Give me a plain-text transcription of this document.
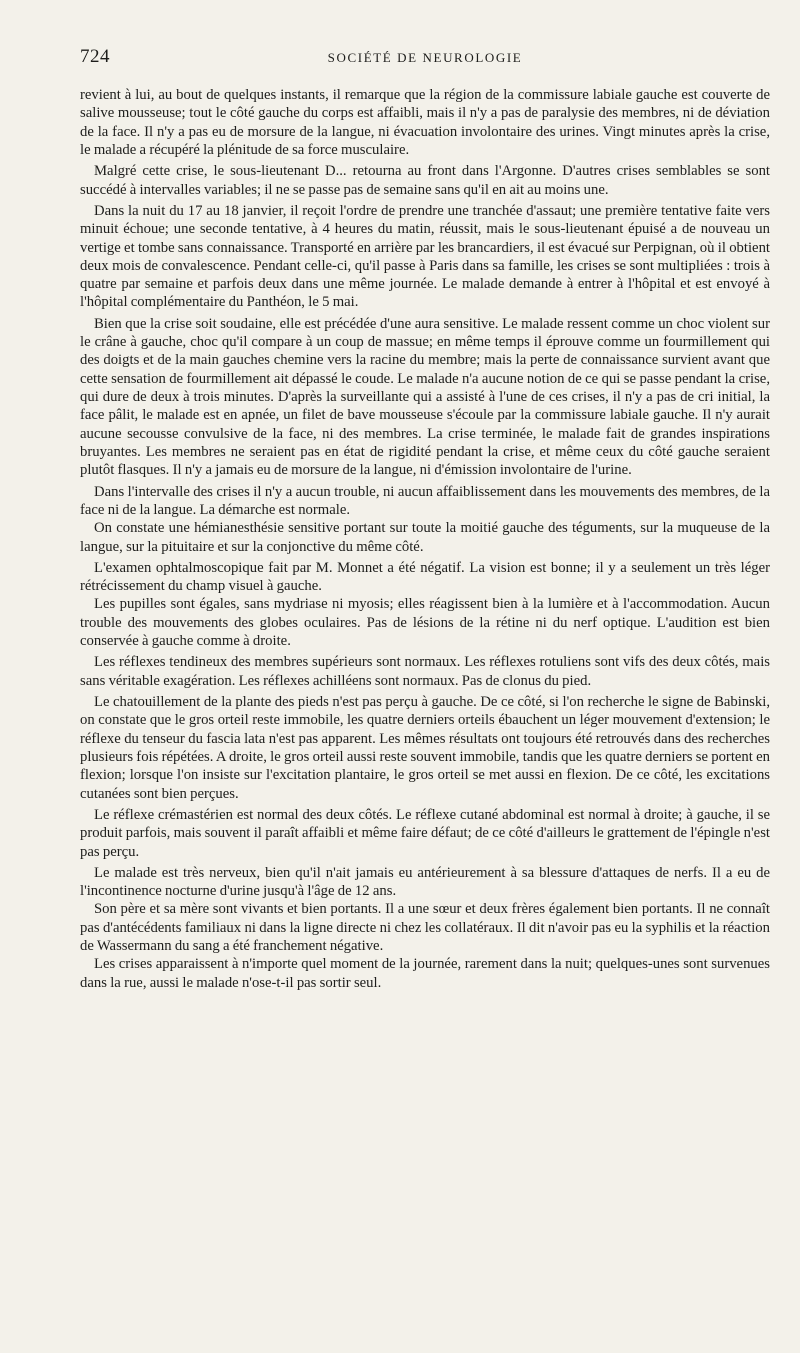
724	SOCIÉTÉ DE NEUROLOGIE

revient à lui, au bout de quelques instants, il remarque que la région de la commissure labiale gauche est couverte de salive mousseuse; tout le côté gauche du corps est affaibli, mais il n'y a pas de paralysie des membres, ni de déviation de la face. Il n'y a pas eu de morsure de la langue, ni évacuation involontaire des urines. Vingt minutes après la crise, le malade a récupéré la plénitude de sa force musculaire.

Malgré cette crise, le sous-lieutenant D... retourna au front dans l'Argonne. D'autres crises semblables se sont succédé à intervalles variables; il ne se passe pas de semaine sans qu'il en ait au moins une.

Dans la nuit du 17 au 18 janvier, il reçoit l'ordre de prendre une tranchée d'assaut; une première tentative faite vers minuit échoue; une seconde tentative, à 4 heures du matin, réussit, mais le sous-lieutenant épuisé a de nouveau un vertige et tombe sans connaissance. Transporté en arrière par les brancardiers, il est évacué sur Perpignan, où il obtient deux mois de convalescence. Pendant celle-ci, qu'il passe à Paris dans sa famille, les crises se sont multipliées : trois à quatre par semaine et parfois deux dans une même journée. Le malade demande à entrer à l'hôpital et est envoyé à l'hôpital complémentaire du Panthéon, le 5 mai.

Bien que la crise soit soudaine, elle est précédée d'une aura sensitive. Le malade ressent comme un choc violent sur le crâne à gauche, choc qu'il compare à un coup de massue; en même temps il éprouve comme un fourmillement qui des doigts et de la main gauches chemine vers la racine du membre; mais la perte de connaissance survient avant que cette sensation de fourmillement ait dépassé le coude. Le malade n'a aucune notion de ce qui se passe pendant la crise, qui dure de deux à trois minutes. D'après la surveillante qui a assisté à l'une de ces crises, il n'y a pas de cri initial, la face pâlit, le malade est en apnée, un filet de bave mousseuse s'écoule par la commissure labiale gauche. Il n'y aurait aucune secousse convulsive de la face, ni des membres. La crise terminée, le malade fait de grandes inspirations bruyantes. Les membres ne seraient pas en état de rigidité pendant la crise, et même ceux du côté gauche seraient plutôt flasques. Il n'y a jamais eu de morsure de la langue, ni d'émission involontaire de l'urine.

Dans l'intervalle des crises il n'y a aucun trouble, ni aucun affaiblissement dans les mouvements des membres, de la face ni de la langue. La démarche est normale.

On constate une hémianesthésie sensitive portant sur toute la moitié gauche des téguments, sur la muqueuse de la langue, sur la pituitaire et sur la conjonctive du même côté.

L'examen ophtalmoscopique fait par M. Monnet a été négatif. La vision est bonne; il y a seulement un très léger rétrécissement du champ visuel à gauche.

Les pupilles sont égales, sans mydriase ni myosis; elles réagissent bien à la lumière et à l'accommodation. Aucun trouble des mouvements des globes oculaires. Pas de lésions de la rétine ni du nerf optique. L'audition est bien conservée à gauche comme à droite.

Les réflexes tendineux des membres supérieurs sont normaux. Les réflexes rotuliens sont vifs des deux côtés, mais sans véritable exagération. Les réflexes achilléens sont normaux. Pas de clonus du pied.

Le chatouillement de la plante des pieds n'est pas perçu à gauche. De ce côté, si l'on recherche le signe de Babinski, on constate que le gros orteil reste immobile, les quatre derniers orteils ébauchent un léger mouvement d'extension; le réflexe du tenseur du fascia lata n'est pas apparent. Les mêmes résultats ont toujours été retrouvés dans des recherches plusieurs fois répétées. A droite, le gros orteil aussi reste souvent immobile, tandis que les quatre derniers se portent en flexion; lorsque l'on insiste sur l'excitation plantaire, le gros orteil se met aussi en flexion. De ce côté, les excitations cutanées sont bien perçues.

Le réflexe crémastérien est normal des deux côtés. Le réflexe cutané abdominal est normal à droite; à gauche, il se produit parfois, mais souvent il paraît affaibli et même faire défaut; de ce côté d'ailleurs le grattement de l'épingle n'est pas perçu.

Le malade est très nerveux, bien qu'il n'ait jamais eu antérieurement à sa blessure d'attaques de nerfs. Il a eu de l'incontinence nocturne d'urine jusqu'à l'âge de 12 ans.

Son père et sa mère sont vivants et bien portants. Il a une sœur et deux frères également bien portants. Il ne connaît pas d'antécédents familiaux ni dans la ligne directe ni chez les collatéraux. Il dit n'avoir pas eu la syphilis et la réaction de Wassermann du sang a été franchement négative.

Les crises apparaissent à n'importe quel moment de la journée, rarement dans la nuit; quelques-unes sont survenues dans la rue, aussi le malade n'ose-t-il pas sortir seul.
